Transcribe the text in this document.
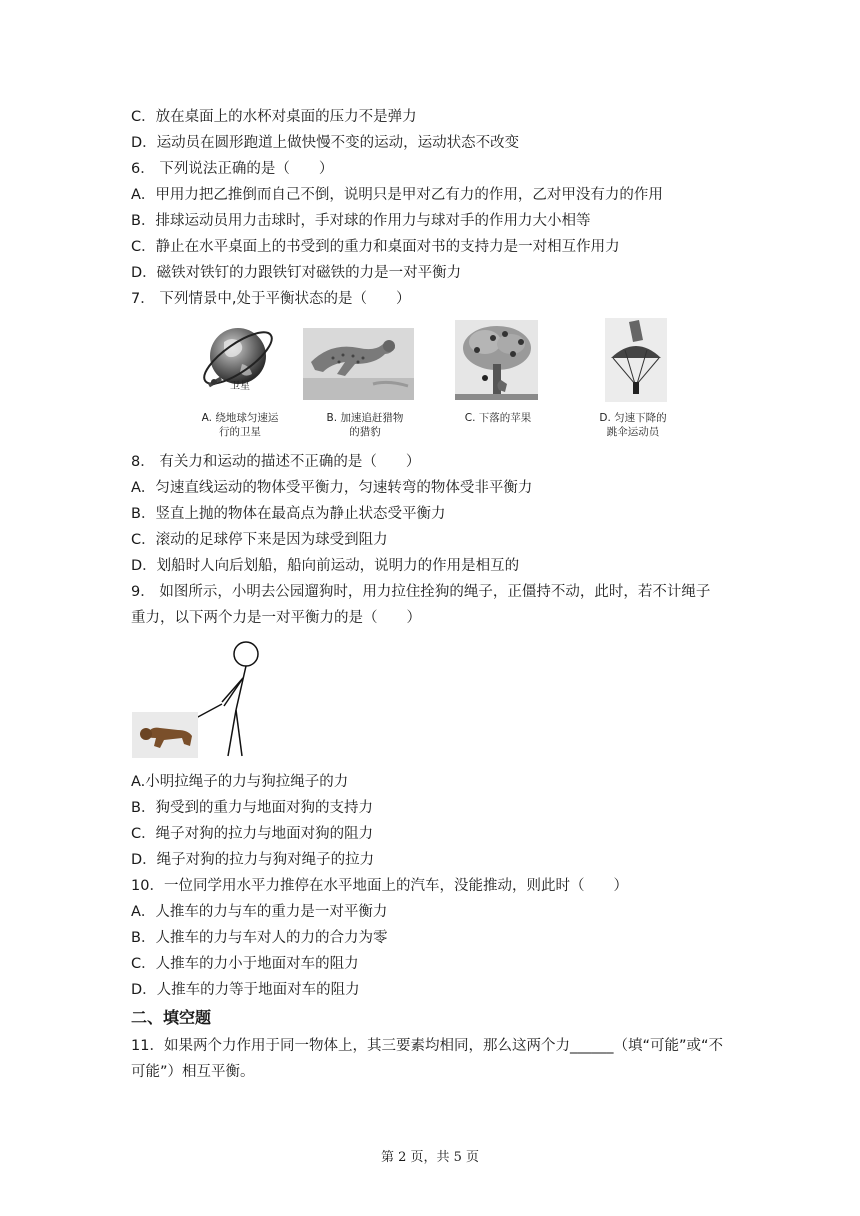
C．放在桌面上的水杯对桌面的压力不是弹力
D．运动员在圆形跑道上做快慢不变的运动，运动状态不改变
6． 下列说法正确的是（　　）
A．甲用力把乙推倒而自己不倒，说明只是甲对乙有力的作用，乙对甲没有力的作用
B．排球运动员用力击球时，手对球的作用力与球对手的作用力大小相等
C．静止在水平桌面上的书受到的重力和桌面对书的支持力是一对相互作用力
D．磁铁对铁钉的力跟铁钉对磁铁的力是一对平衡力
7． 下列情景中,处于平衡状态的是（　　）
卫星
A. 绕地球匀速运
行的卫星
B. 加速追赶猎物
的猎豹
C. 下落的苹果	D. 匀速下降的
跳伞运动员
8． 有关力和运动的描述不正确的是（　　）
A．匀速直线运动的物体受平衡力，匀速转弯的物体受非平衡力
B．竖直上抛的物体在最高点为静止状态受平衡力
C．滚动的足球停下来是因为球受到阻力
D．划船时人向后划船，船向前运动，说明力的作用是相互的
9． 如图所示，小明去公园遛狗时，用力拉住拴狗的绳子，正僵持不动，此时，若不计绳子
重力，以下两个力是一对平衡力的是（　　）
A.小明拉绳子的力与狗拉绳子的力
B．狗受到的重力与地面对狗的支持力
C．绳子对狗的拉力与地面对狗的阻力
D．绳子对狗的拉力与狗对绳子的拉力
10．一位同学用水平力推停在水平地面上的汽车，没能推动，则此时（　　）
A．人推车的力与车的重力是一对平衡力
B．人推车的力与车对人的力的合力为零
C．人推车的力小于地面对车的阻力
D．人推车的力等于地面对车的阻力
二、填空题
11．如果两个力作用于同一物体上，其三要素均相同，那么这两个力______（填“可能”或“不
可能”）相互平衡。
第 2 页，共 5 页
